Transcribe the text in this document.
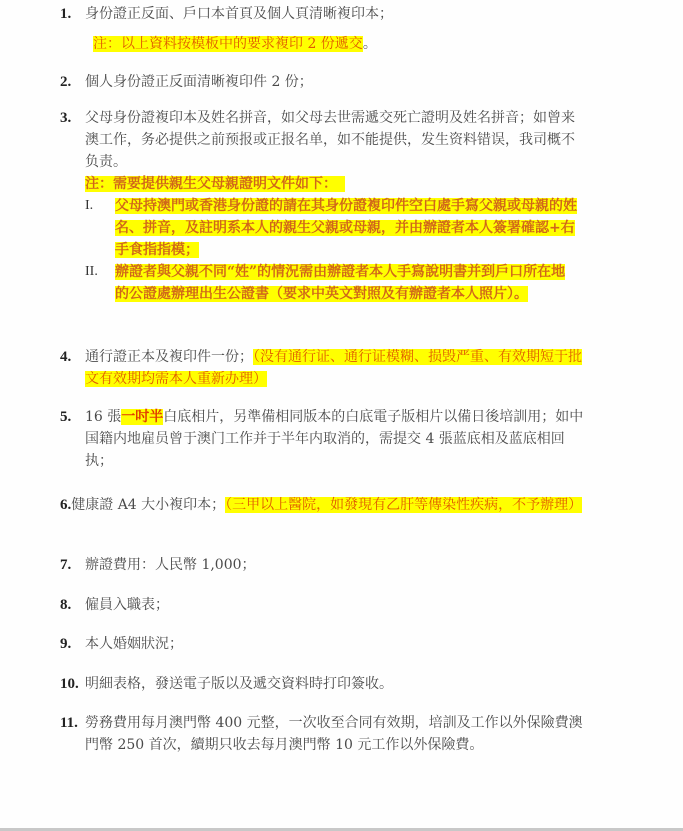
1. 身份證正反面、戶口本首頁及個人頁清晰複印本；
注：以上資料按模板中的要求複印 2 份遞交。
2. 個人身份證正反面清晰複印件 2 份；
3. 父母身份證複印本及姓名拼音，如父母去世需遞交死亡證明及姓名拼音；如曾来澳工作，务必提供之前预报或正报名单，如不能提供，发生资料错误，我司概不负责。
注：需要提供親生父母親證明文件如下：
I. 父母持澳門或香港身份證的請在其身份證複印件空白處手寫父親或母親的姓名、拼音，及註明系本人的親生父親或母親，并由辦證者本人簽署確認+右手食指指模；
II. 辦證者與父親不同“姓”的情況需由辦證者本人手寫說明書并到戶口所在地的公證處辦理出生公證書（要求中英文對照及有辦證者本人照片）。
4. 通行證正本及複印件一份；（没有通行证、通行证模糊、损毁严重、有效期短于批文有效期均需本人重新办理）
5. 16 張一吋半白底相片，另準備相同版本的白底電子版相片以備日後培訓用；如中国籍内地雇员曾于澳门工作并于半年内取消的，需提交 4 張蓝底相及蓝底相回执；
6.健康證 A4 大小複印本；（三甲以上醫院，如發現有乙肝等傳染性疾病，不予辦理）
7. 辦證費用：人民幣 1,000；
8. 僱員入職表；
9. 本人婚姻狀況；
10. 明細表格，發送電子版以及遞交資料時打印簽收。
11. 勞務費用每月澳門幣 400 元整，一次收至合同有效期，培訓及工作以外保險費澳門幣 250 首次，續期只收去每月澳門幣 10 元工作以外保險費。
